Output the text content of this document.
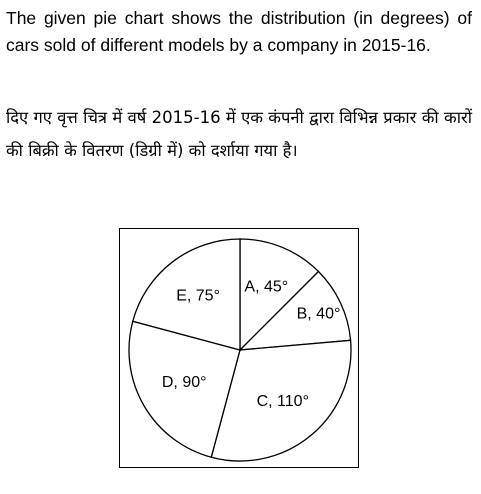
The given pie chart shows the distribution (in degrees) of cars sold of different models by a company in 2015-16.

दिए गए वृत्त चित्र में वर्ष 2015-16 में एक कंपनी द्वारा विभिन्न प्रकार की कारों की बिक्री के वितरण (डिग्री में) को दर्शाया गया है।

A, 45°
B, 40°
C, 110°
D, 90°
E, 75°
